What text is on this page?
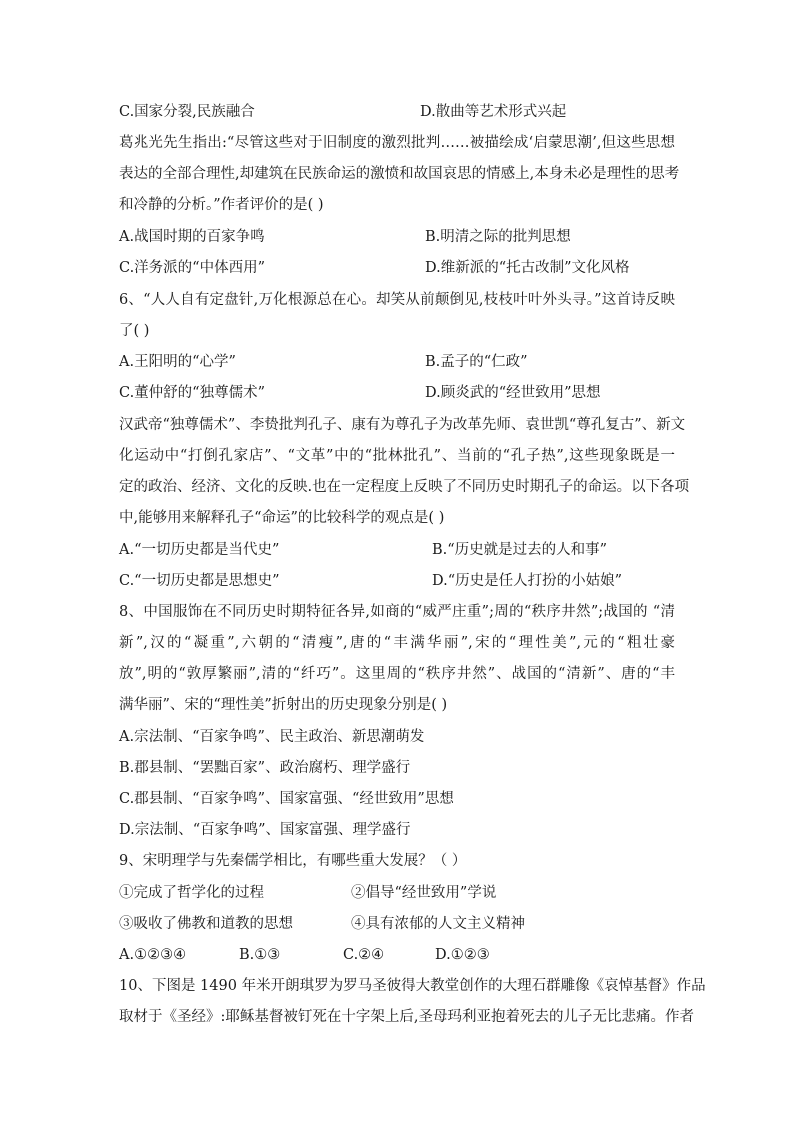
C.国家分裂,民族融合	D.散曲等艺术形式兴起
葛兆光先生指出:“尽管这些对于旧制度的激烈批判……被描绘成‘启蒙思潮’,但这些思想
表达的全部合理性,却建筑在民族命运的激愤和故国哀思的情感上,本身未必是理性的思考
和冷静的分析。”作者评价的是( )
A.战国时期的百家争鸣	B.明清之际的批判思想
C.洋务派的“中体西用”	D.维新派的“托古改制”文化风格
6、“人人自有定盘针,万化根源总在心。却笑从前颠倒见,枝枝叶叶外头寻。”这首诗反映
了( )
A.王阳明的“心学”	B.孟子的“仁政”
C.董仲舒的“独尊儒术”	D.顾炎武的“经世致用”思想
汉武帝“独尊儒术”、李贽批判孔子、康有为尊孔子为改革先师、袁世凯“尊孔复古”、新文
化运动中“打倒孔家店”、“文革”中的“批林批孔”、当前的“孔子热”,这些现象既是一
定的政治、经济、文化的反映.也在一定程度上反映了不同历史时期孔子的命运。以下各项
中,能够用来解释孔子“命运”的比较科学的观点是( )
A.“一切历史都是当代史”	B.“历史就是过去的人和事”
C.“一切历史都是思想史”	D.“历史是任人打扮的小姑娘”
8、中国服饰在不同历史时期特征各异,如商的“威严庄重”;周的“秩序井然”;战国的 “清
新”,汉的“凝重”,六朝的“清瘦”,唐的“丰满华丽”,宋的“理性美”,元的“粗壮豪
放”,明的“敦厚繁丽”,清的“纤巧”。这里周的“秩序井然”、战国的“清新”、唐的“丰
满华丽”、宋的“理性美”折射出的历史现象分别是( )
A.宗法制、“百家争鸣”、民主政治、新思潮萌发
B.郡县制、“罢黜百家”、政治腐朽、理学盛行
C.郡县制、“百家争鸣”、国家富强、“经世致用”思想
D.宗法制、“百家争鸣”、国家富强、理学盛行
9、宋明理学与先秦儒学相比，有哪些重大发展？（ ）
①完成了哲学化的过程	②倡导“经世致用”学说
③吸收了佛教和道教的思想	④具有浓郁的人文主义精神
A.①②③④	B.①③	C.②④	D.①②③
10、下图是 1490 年米开朗琪罗为罗马圣彼得大教堂创作的大理石群雕像《哀悼基督》作品
取材于《圣经》:耶稣基督被钉死在十字架上后,圣母玛利亚抱着死去的儿子无比悲痛。作者
